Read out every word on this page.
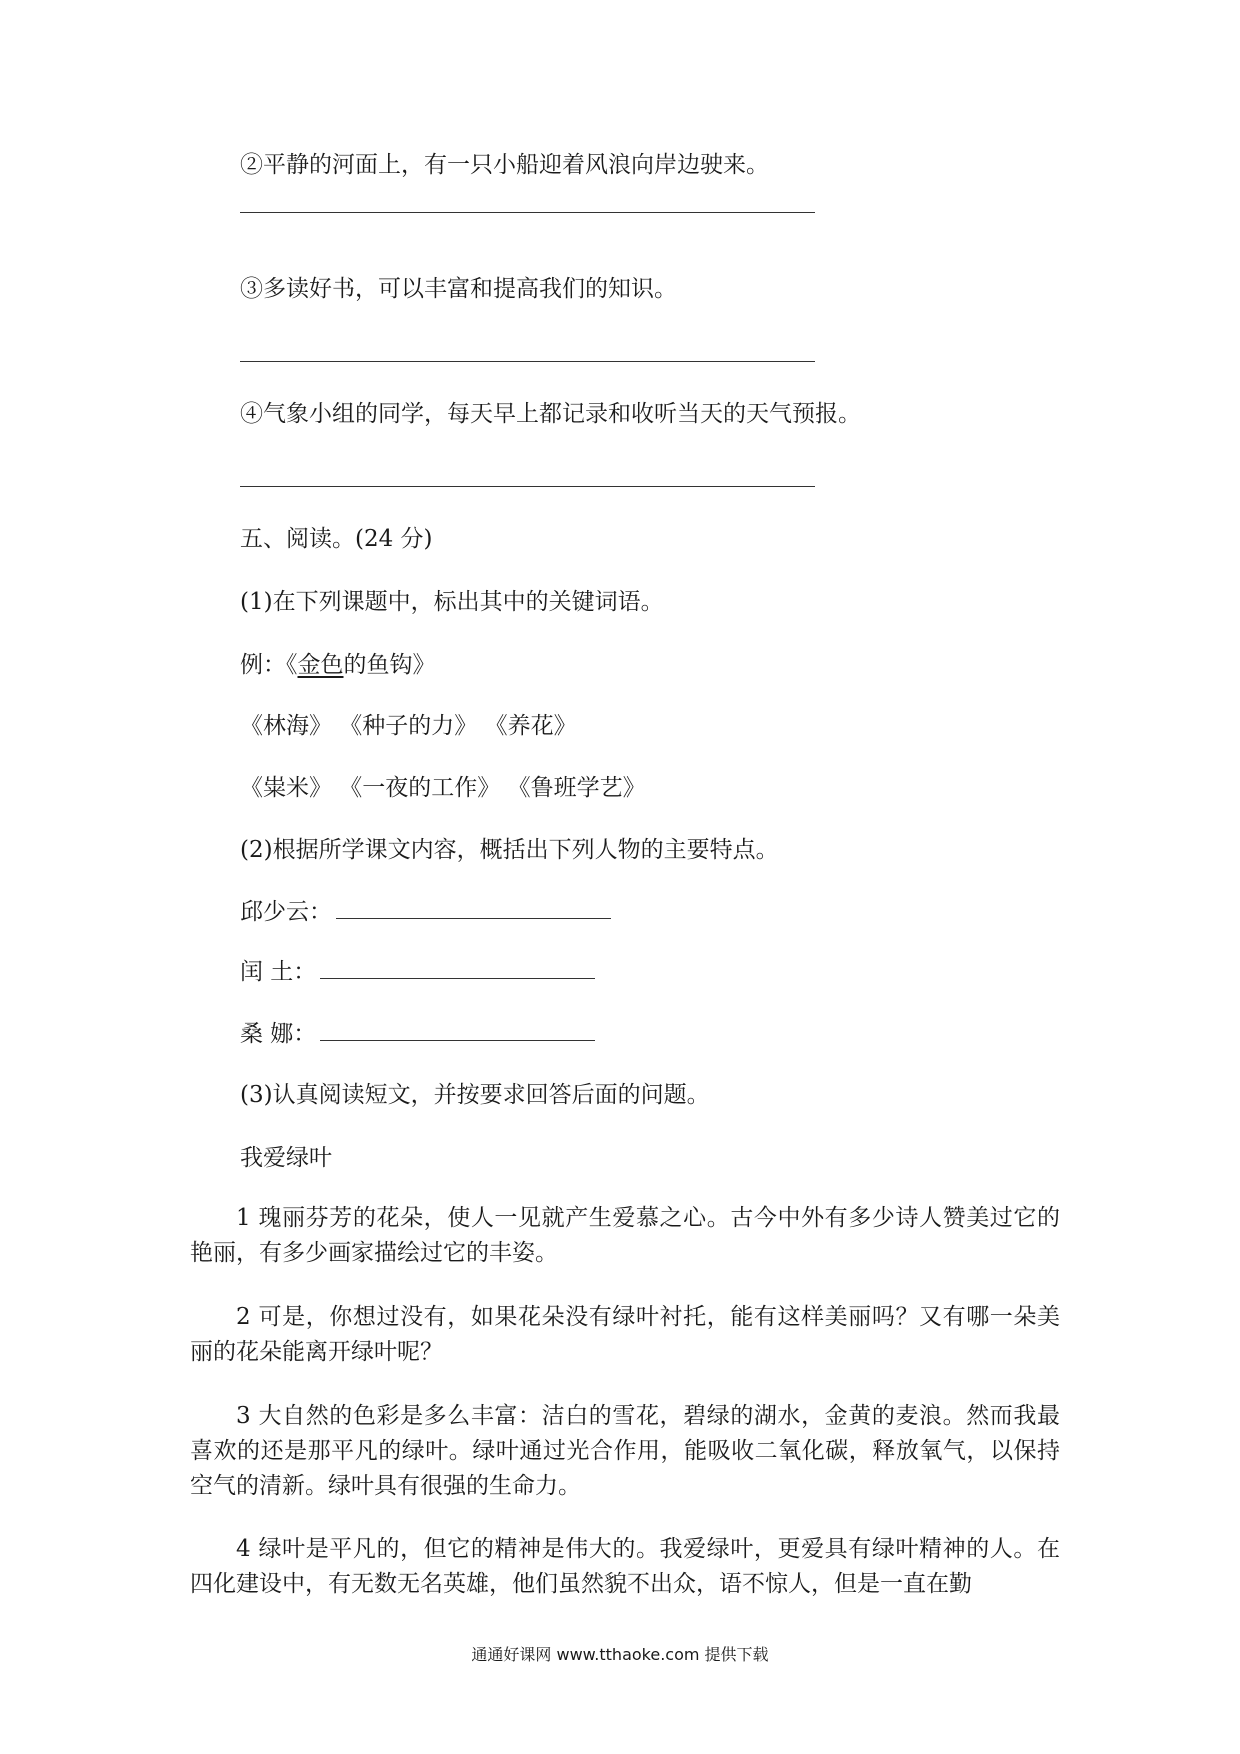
②平静的河面上，有一只小船迎着风浪向岸边驶来。
③多读好书，可以丰富和提高我们的知识。
④气象小组的同学，每天早上都记录和收听当天的天气预报。
五、阅读。(24 分)
(1)在下列课题中，标出其中的关键词语。
例：《金色的鱼钩》
《林海》 《种子的力》 《养花》
《粜米》 《一夜的工作》 《鲁班学艺》
(2)根据所学课文内容，概括出下列人物的主要特点。
邱少云：
闰 土：
桑 娜：
(3)认真阅读短文，并按要求回答后面的问题。
我爱绿叶

1 瑰丽芬芳的花朵，使人一见就产生爱慕之心。古今中外有多少诗人赞美过它的艳丽，有多少画家描绘过它的丰姿。

2 可是，你想过没有，如果花朵没有绿叶衬托，能有这样美丽吗？又有哪一朵美丽的花朵能离开绿叶呢？

3 大自然的色彩是多么丰富：洁白的雪花，碧绿的湖水，金黄的麦浪。然而我最喜欢的还是那平凡的绿叶。绿叶通过光合作用，能吸收二氧化碳，释放氧气，以保持空气的清新。绿叶具有很强的生命力。

4 绿叶是平凡的，但它的精神是伟大的。我爱绿叶，更爱具有绿叶精神的人。在四化建设中，有无数无名英雄，他们虽然貌不出众，语不惊人，但是一直在勤

通通好课网 www.tthaoke.com 提供下载
